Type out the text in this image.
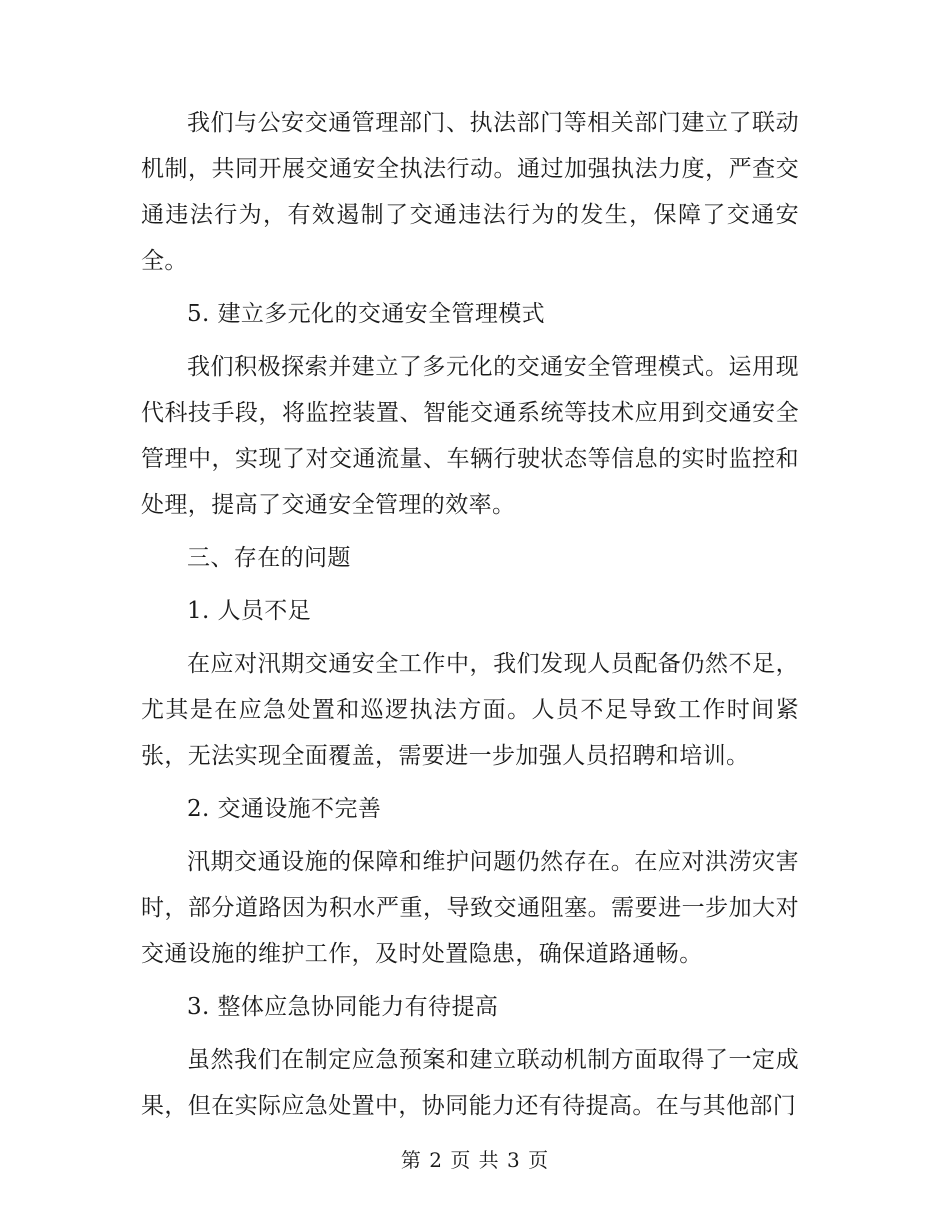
我们与公安交通管理部门、执法部门等相关部门建立了联动机制，共同开展交通安全执法行动。通过加强执法力度，严查交通违法行为，有效遏制了交通违法行为的发生，保障了交通安全。

5. 建立多元化的交通安全管理模式

我们积极探索并建立了多元化的交通安全管理模式。运用现代科技手段，将监控装置、智能交通系统等技术应用到交通安全管理中，实现了对交通流量、车辆行驶状态等信息的实时监控和处理，提高了交通安全管理的效率。

三、存在的问题

1. 人员不足

在应对汛期交通安全工作中，我们发现人员配备仍然不足，尤其是在应急处置和巡逻执法方面。人员不足导致工作时间紧张，无法实现全面覆盖，需要进一步加强人员招聘和培训。

2. 交通设施不完善

汛期交通设施的保障和维护问题仍然存在。在应对洪涝灾害时，部分道路因为积水严重，导致交通阻塞。需要进一步加大对交通设施的维护工作，及时处置隐患，确保道路通畅。

3. 整体应急协同能力有待提高

虽然我们在制定应急预案和建立联动机制方面取得了一定成果，但在实际应急处置中，协同能力还有待提高。在与其他部门

第 2 页 共 3 页
